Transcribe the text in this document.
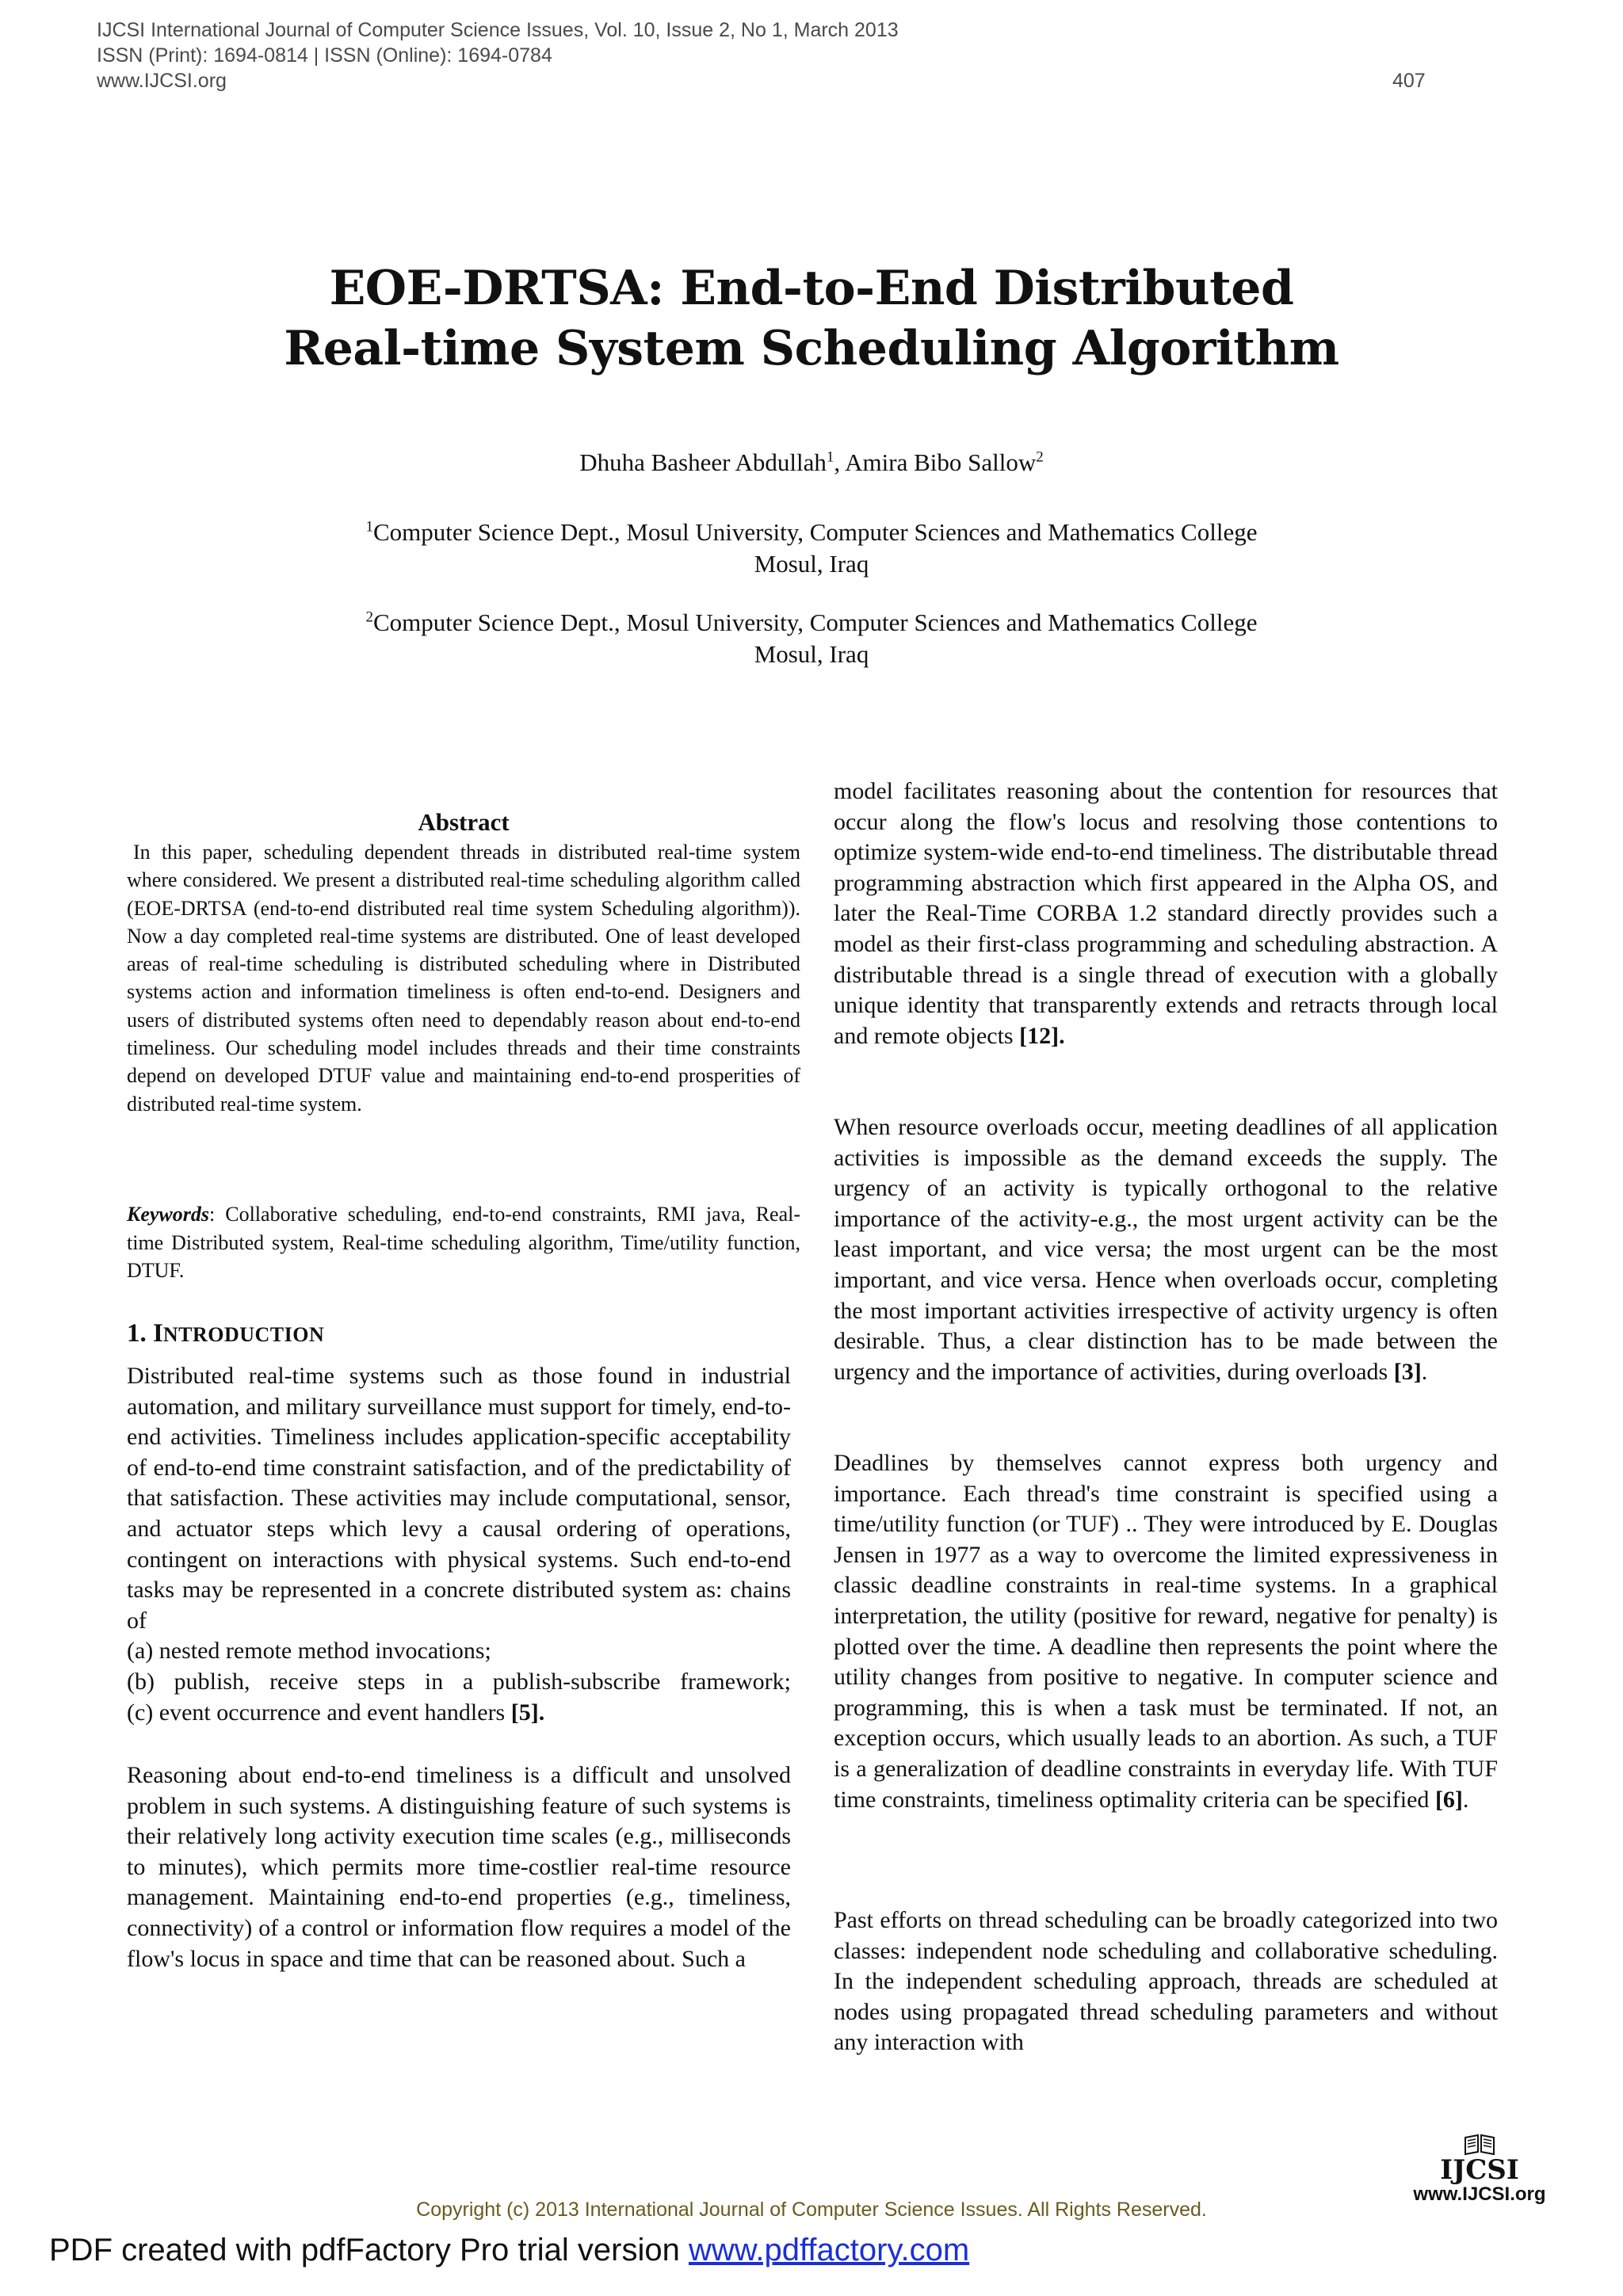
IJCSI International Journal of Computer Science Issues, Vol. 10, Issue 2, No 1, March 2013
ISSN (Print): 1694-0814 | ISSN (Online): 1694-0784
www.IJCSI.org	407
EOE-DRTSA: End-to-End Distributed
Real-time System Scheduling Algorithm
Dhuha Basheer Abdullah$^1$, Amira Bibo Sallow$^2$
$^1$Computer Science Dept., Mosul University, Computer Sciences and Mathematics College
Mosul, Iraq
$^2$Computer Science Dept., Mosul University, Computer Sciences and Mathematics College
Mosul, Iraq
Abstract
In this paper, scheduling dependent threads in distributed real-time system where considered. We present a distributed real-time scheduling algorithm called (EOE-DRTSA (end-to-end distributed real time system Scheduling algorithm)). Now a day completed real-time systems are distributed. One of least developed areas of real-time scheduling is distributed scheduling where in Distributed systems action and information timeliness is often end-to-end. Designers and users of distributed systems often need to dependably reason about end-to-end timeliness. Our scheduling model includes threads and their time constraints depend on developed DTUF value and maintaining end-to-end prosperities of distributed real-time system.
Keywords: Collaborative scheduling, end-to-end constraints, RMI java, Real-time Distributed system, Real-time scheduling algorithm, Time/utility function, DTUF.
1. INTRODUCTION
Distributed real-time systems such as those found in industrial automation, and military surveillance must support for timely, end-to-end activities. Timeliness includes application-specific acceptability of end-to-end time constraint satisfaction, and of the predictability of that satisfaction. These activities may include computational, sensor, and actuator steps which levy a causal ordering of operations, contingent on interactions with physical systems. Such end-to-end tasks may be represented in a concrete distributed system as: chains of
(a) nested remote method invocations;
(b) publish, receive steps in a publish-subscribe framework;
(c) event occurrence and event handlers [5].
Reasoning about end-to-end timeliness is a difficult and unsolved problem in such systems. A distinguishing feature of such systems is their relatively long activity execution time scales (e.g., milliseconds to minutes), which permits more time-costlier real-time resource management. Maintaining end-to-end properties (e.g., timeliness, connectivity) of a control or information flow requires a model of the flow's locus in space and time that can be reasoned about. Such a
model facilitates reasoning about the contention for resources that occur along the flow's locus and resolving those contentions to optimize system-wide end-to-end timeliness. The distributable thread programming abstraction which first appeared in the Alpha OS, and later the Real-Time CORBA 1.2 standard directly provides such a model as their first-class programming and scheduling abstraction. A distributable thread is a single thread of execution with a globally unique identity that transparently extends and retracts through local and remote objects [12].
When resource overloads occur, meeting deadlines of all application activities is impossible as the demand exceeds the supply. The urgency of an activity is typically orthogonal to the relative importance of the activity-e.g., the most urgent activity can be the least important, and vice versa; the most urgent can be the most important, and vice versa. Hence when overloads occur, completing the most important activities irrespective of activity urgency is often desirable. Thus, a clear distinction has to be made between the urgency and the importance of activities, during overloads [3].
Deadlines by themselves cannot express both urgency and importance. Each thread's time constraint is specified using a time/utility function (or TUF) .. They were introduced by E. Douglas Jensen in 1977 as a way to overcome the limited expressiveness in classic deadline constraints in real-time systems. In a graphical interpretation, the utility (positive for reward, negative for penalty) is plotted over the time. A deadline then represents the point where the utility changes from positive to negative. In computer science and programming, this is when a task must be terminated. If not, an exception occurs, which usually leads to an abortion. As such, a TUF is a generalization of deadline constraints in everyday life. With TUF time constraints, timeliness optimality criteria can be specified [6].
Past efforts on thread scheduling can be broadly categorized into two classes: independent node scheduling and collaborative scheduling. In the independent scheduling approach, threads are scheduled at nodes using propagated thread scheduling parameters and without any interaction with
IJCSI
www.IJCSI.org
Copyright (c) 2013 International Journal of Computer Science Issues. All Rights Reserved.
PDF created with pdfFactory Pro trial version www.pdffactory.com
